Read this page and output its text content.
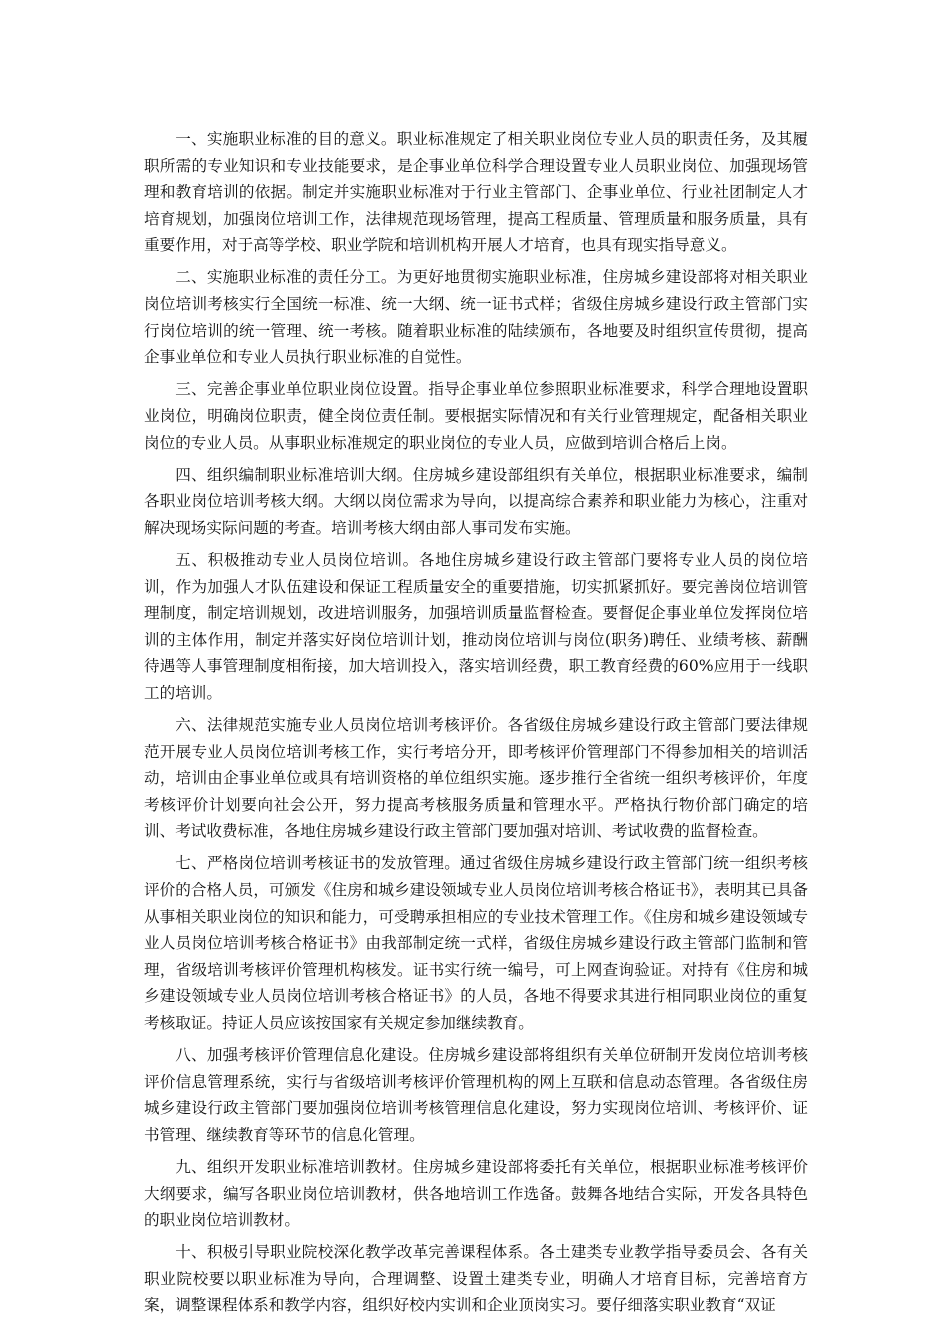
一、实施职业标准的目的意义。职业标准规定了相关职业岗位专业人员的职责任务，及其履职所需的专业知识和专业技能要求，是企事业单位科学合理设置专业人员职业岗位、加强现场管理和教育培训的依据。制定并实施职业标准对于行业主管部门、企事业单位、行业社团制定人才培育规划，加强岗位培训工作，法律规范现场管理，提高工程质量、管理质量和服务质量，具有重要作用，对于高等学校、职业学院和培训机构开展人才培育，也具有现实指导意义。

二、实施职业标准的责任分工。为更好地贯彻实施职业标准，住房城乡建设部将对相关职业岗位培训考核实行全国统一标准、统一大纲、统一证书式样；省级住房城乡建设行政主管部门实行岗位培训的统一管理、统一考核。随着职业标准的陆续颁布，各地要及时组织宣传贯彻，提高企事业单位和专业人员执行职业标准的自觉性。

三、完善企事业单位职业岗位设置。指导企事业单位参照职业标准要求，科学合理地设置职业岗位，明确岗位职责，健全岗位责任制。要根据实际情况和有关行业管理规定，配备相关职业岗位的专业人员。从事职业标准规定的职业岗位的专业人员，应做到培训合格后上岗。

四、组织编制职业标准培训大纲。住房城乡建设部组织有关单位，根据职业标准要求，编制各职业岗位培训考核大纲。大纲以岗位需求为导向，以提高综合素养和职业能力为核心，注重对解决现场实际问题的考查。培训考核大纲由部人事司发布实施。

五、积极推动专业人员岗位培训。各地住房城乡建设行政主管部门要将专业人员的岗位培训，作为加强人才队伍建设和保证工程质量安全的重要措施，切实抓紧抓好。要完善岗位培训管理制度，制定培训规划，改进培训服务，加强培训质量监督检查。要督促企事业单位发挥岗位培训的主体作用，制定并落实好岗位培训计划，推动岗位培训与岗位(职务)聘任、业绩考核、薪酬待遇等人事管理制度相衔接，加大培训投入，落实培训经费，职工教育经费的60%应用于一线职工的培训。

六、法律规范实施专业人员岗位培训考核评价。各省级住房城乡建设行政主管部门要法律规范开展专业人员岗位培训考核工作，实行考培分开，即考核评价管理部门不得参加相关的培训活动，培训由企事业单位或具有培训资格的单位组织实施。逐步推行全省统一组织考核评价，年度考核评价计划要向社会公开，努力提高考核服务质量和管理水平。严格执行物价部门确定的培训、考试收费标准，各地住房城乡建设行政主管部门要加强对培训、考试收费的监督检查。

七、严格岗位培训考核证书的发放管理。通过省级住房城乡建设行政主管部门统一组织考核评价的合格人员，可颁发《住房和城乡建设领域专业人员岗位培训考核合格证书》，表明其已具备从事相关职业岗位的知识和能力，可受聘承担相应的专业技术管理工作。《住房和城乡建设领域专业人员岗位培训考核合格证书》由我部制定统一式样，省级住房城乡建设行政主管部门监制和管理，省级培训考核评价管理机构核发。证书实行统一编号，可上网查询验证。对持有《住房和城乡建设领域专业人员岗位培训考核合格证书》的人员，各地不得要求其进行相同职业岗位的重复考核取证。持证人员应该按国家有关规定参加继续教育。

八、加强考核评价管理信息化建设。住房城乡建设部将组织有关单位研制开发岗位培训考核评价信息管理系统，实行与省级培训考核评价管理机构的网上互联和信息动态管理。各省级住房城乡建设行政主管部门要加强岗位培训考核管理信息化建设，努力实现岗位培训、考核评价、证书管理、继续教育等环节的信息化管理。

九、组织开发职业标准培训教材。住房城乡建设部将委托有关单位，根据职业标准考核评价大纲要求，编写各职业岗位培训教材，供各地培训工作选备。鼓舞各地结合实际，开发各具特色的职业岗位培训教材。

十、积极引导职业院校深化教学改革完善课程体系。各土建类专业教学指导委员会、各有关职业院校要以职业标准为导向，合理调整、设置土建类专业，明确人才培育目标，完善培育方案，调整课程体系和教学内容，组织好校内实训和企业顶岗实习。要仔细落实职业教育“双证
